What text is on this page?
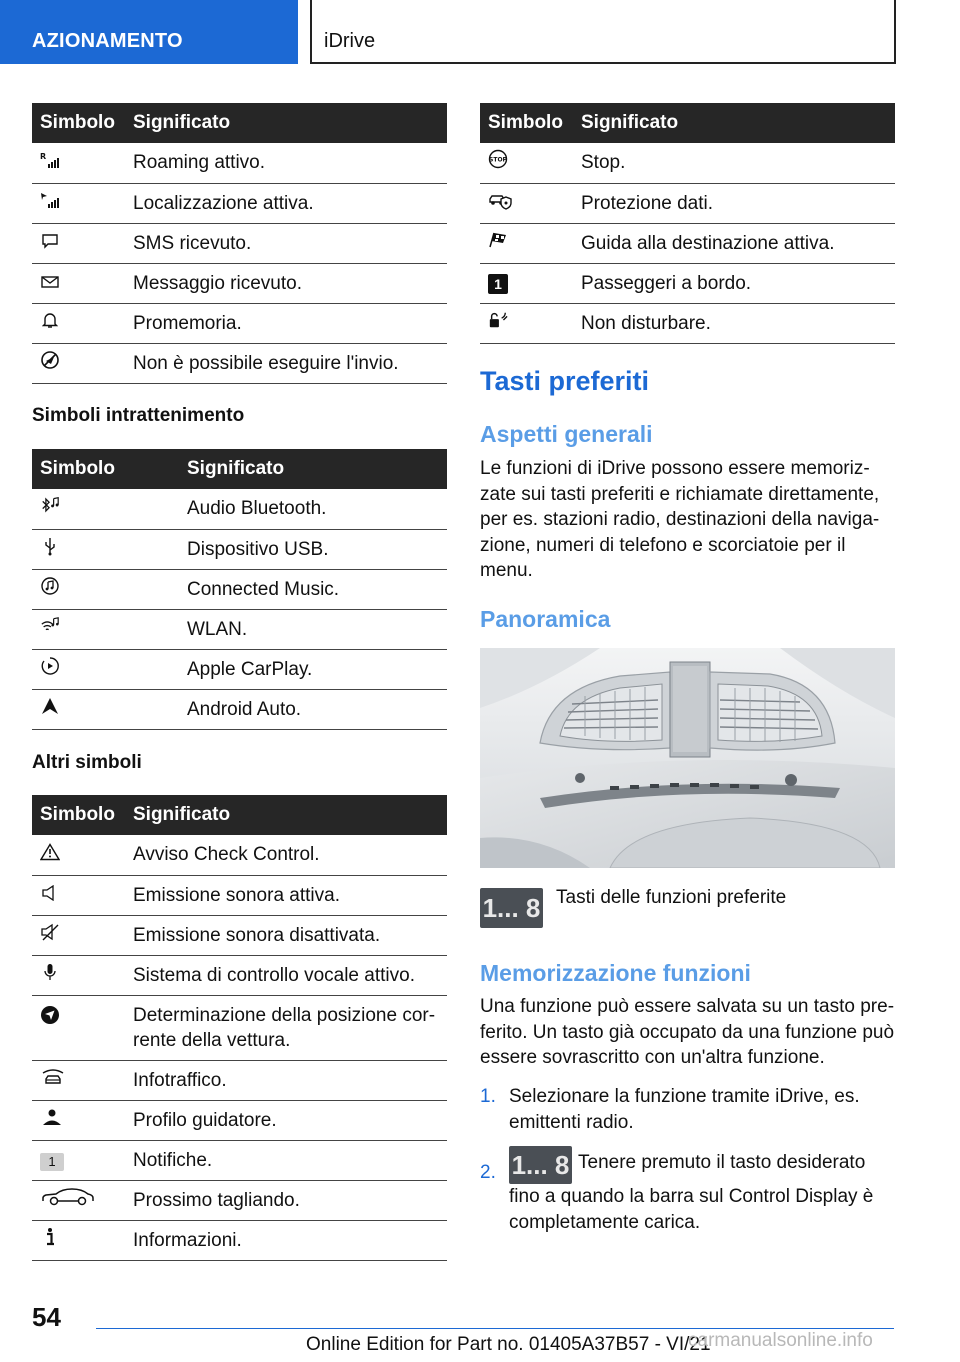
AZIONAMENTO	iDrive
Simbolo	Significato

R	Roaming attivo.

	Localizzazione attiva.

	SMS ricevuto.

	Messaggio ricevuto.

	Promemoria.

	Non è possibile eseguire l'invio.
Simboli intrattenimento
Simbolo	Significato

	Audio Bluetooth.

	Dispositivo USB.

	Connected Music.

	WLAN.

	Apple CarPlay.

	Android Auto.
Altri simboli
Simbolo	Significato

	Avviso Check Control.

	Emissione sonora attiva.

	Emissione sonora disattivata.

	Sistema di controllo vocale attivo.

	Determinazione della posizione cor-rente della vettura.

	Infotraffico.

	Profilo guidatore.
1	Notifiche.

	Prossimo tagliando.

	Informazioni.
Simbolo	Significato

STOP	Stop.

	Protezione dati.

	Guida alla destinazione attiva.
1	Passeggeri a bordo.

	Non disturbare.
Tasti preferiti
Aspetti generali
Le funzioni di iDrive possono essere memoriz-zate sui tasti preferiti e richiamate direttamente, per es. stazioni radio, destinazioni della naviga-zione, numeri di telefono e scorciatoie per il menu.
Panoramica
1... 8 Tasti delle funzioni preferite
Memorizzazione funzioni
Una funzione può essere salvata su un tasto pre-ferito. Un tasto già occupato da una funzione può essere sovrascritto con un'altra funzione.
1. Selezionare la funzione tramite iDrive, es. emittenti radio.
2. 1... 8 Tenere premuto il tasto desiderato fino a quando la barra sul Control Display è completamente carica.
54
Online Edition for Part no. 01405A37B57 - VI/21
carmanualsonline.info
